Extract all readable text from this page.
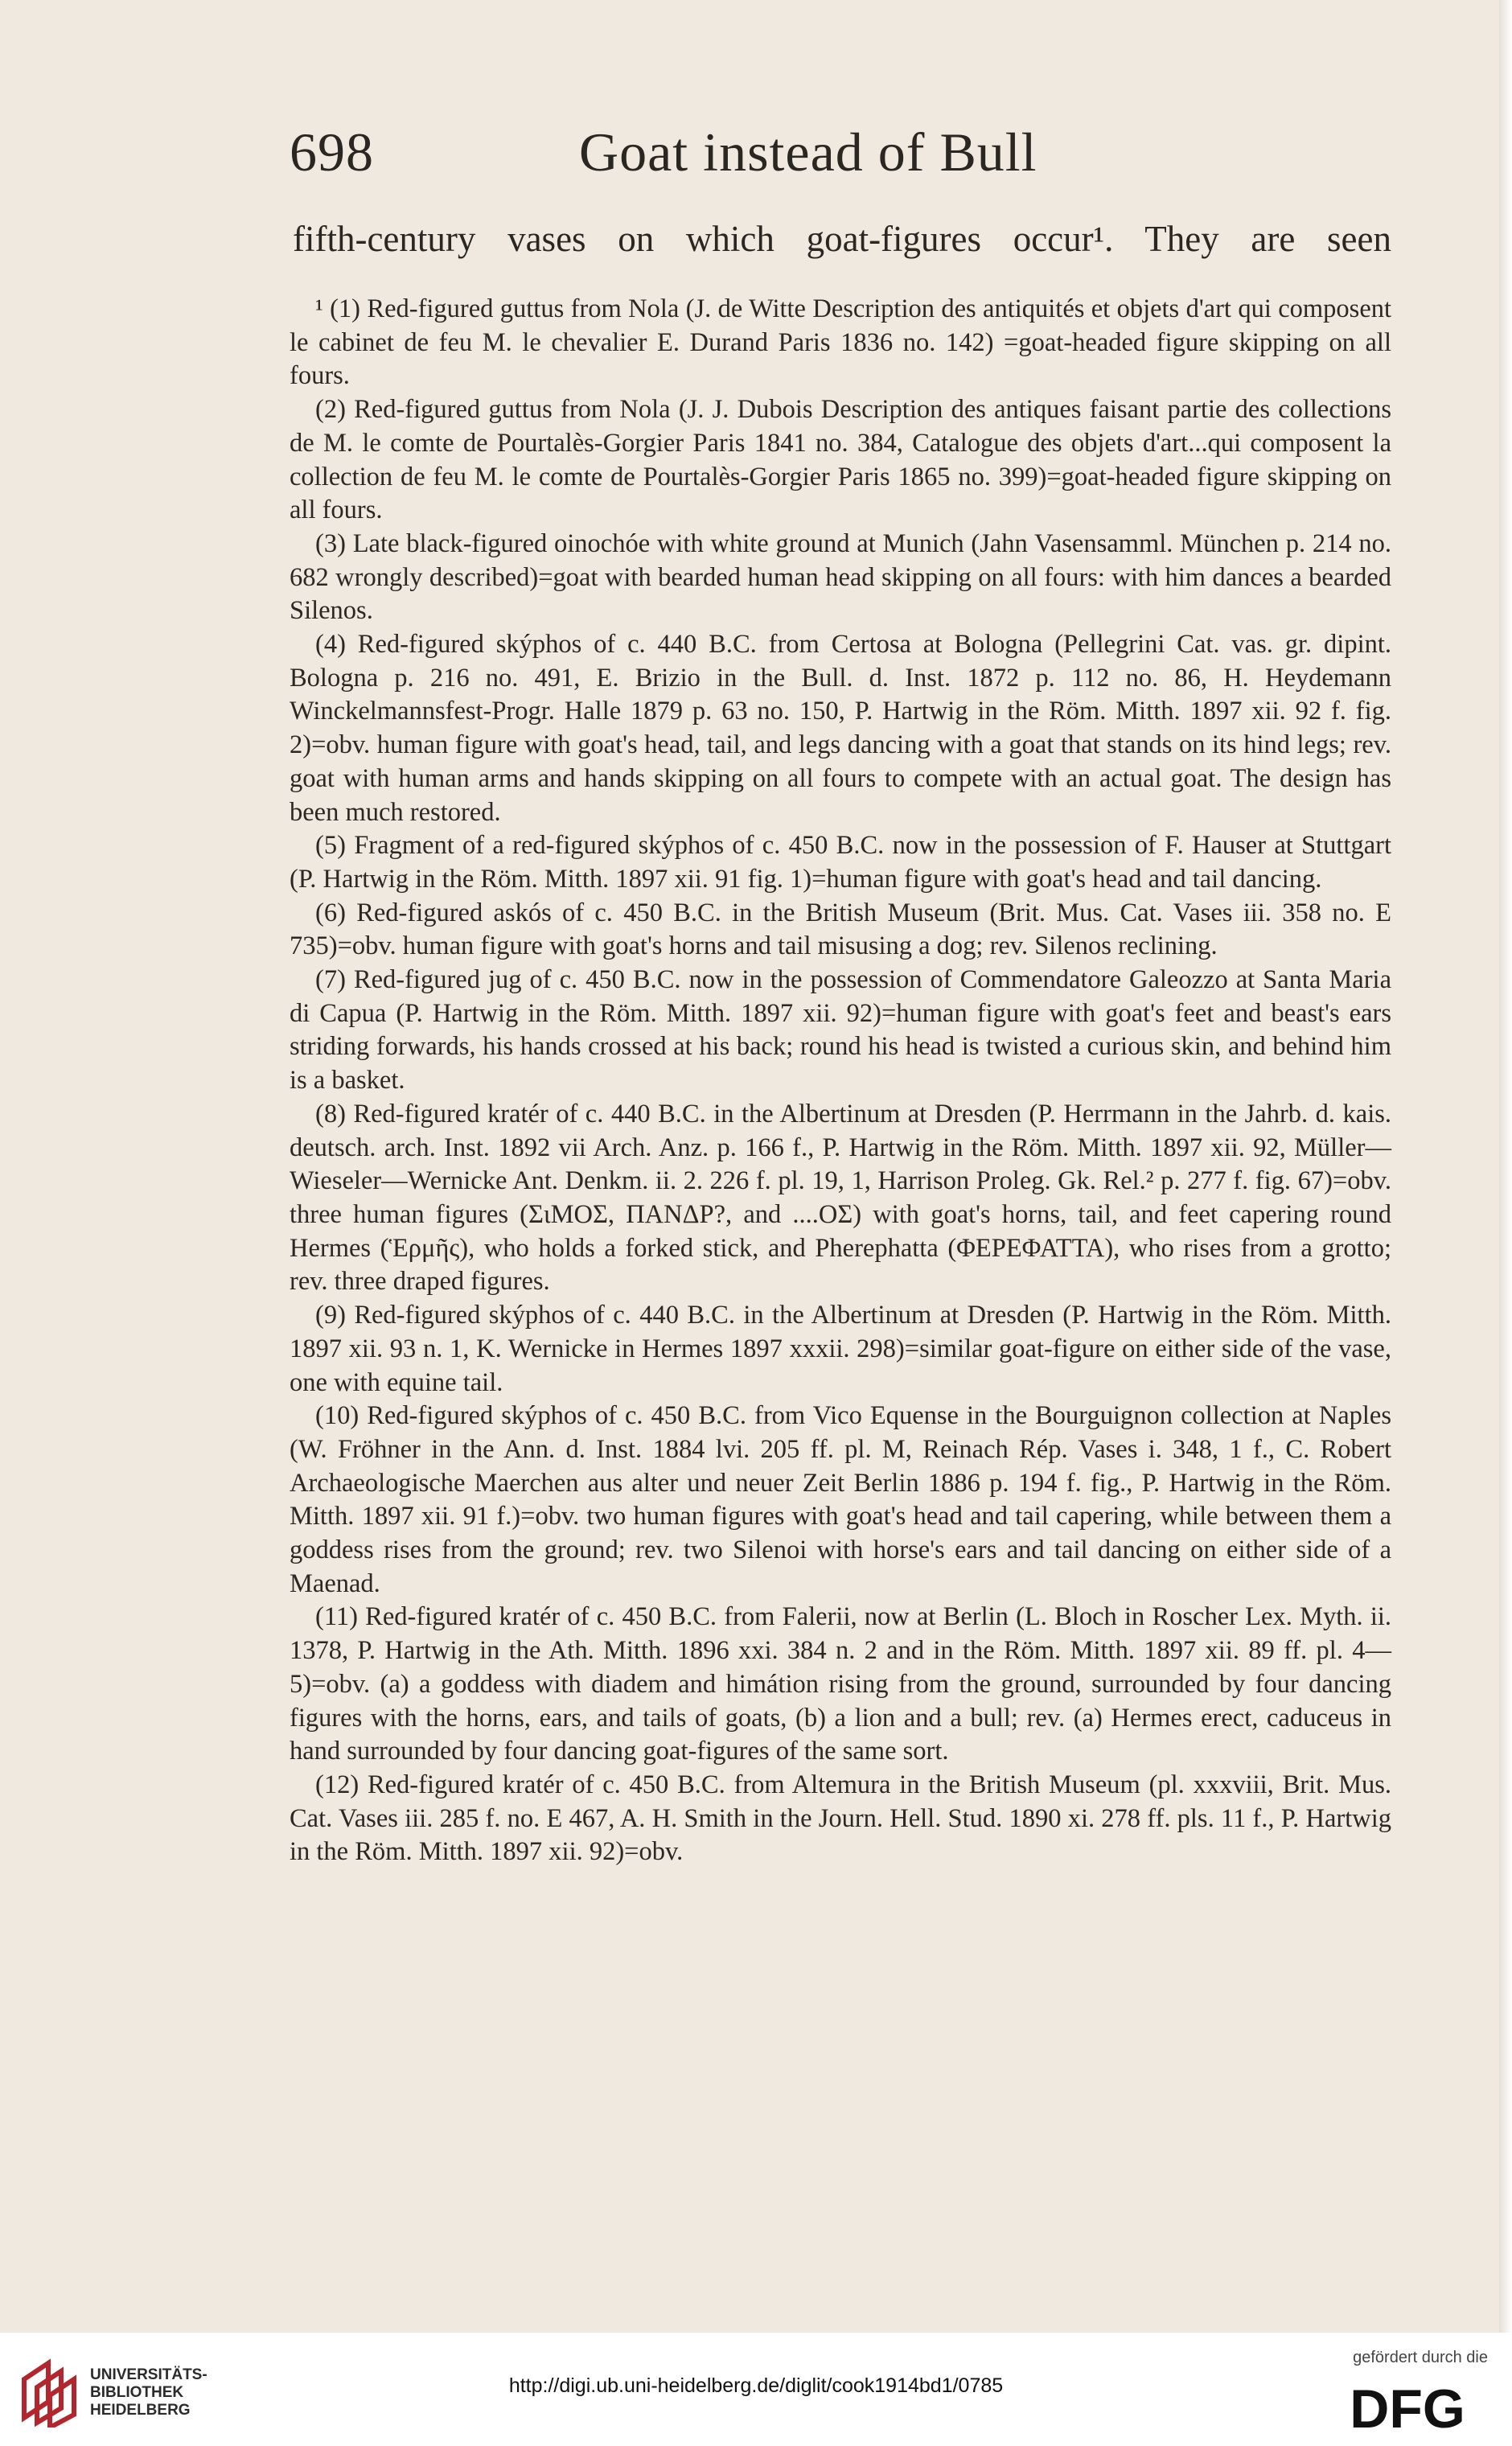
698	Goat instead of Bull
fifth-century vases on which goat-figures occur¹. They are seen

¹ (1) Red-figured guttus from Nola (J. de Witte Description des antiquités et objets d'art qui composent le cabinet de feu M. le chevalier E. Durand Paris 1836 no. 142) =goat-headed figure skipping on all fours.

(2) Red-figured guttus from Nola (J. J. Dubois Description des antiques faisant partie des collections de M. le comte de Pourtalès-Gorgier Paris 1841 no. 384, Catalogue des objets d'art...qui composent la collection de feu M. le comte de Pourtalès-Gorgier Paris 1865 no. 399)=goat-headed figure skipping on all fours.

(3) Late black-figured oinochóe with white ground at Munich (Jahn Vasensamml. München p. 214 no. 682 wrongly described)=goat with bearded human head skipping on all fours: with him dances a bearded Silenos.

(4) Red-figured skýphos of c. 440 B.C. from Certosa at Bologna (Pellegrini Cat. vas. gr. dipint. Bologna p. 216 no. 491, E. Brizio in the Bull. d. Inst. 1872 p. 112 no. 86, H. Heydemann Winckelmannsfest-Progr. Halle 1879 p. 63 no. 150, P. Hartwig in the Röm. Mitth. 1897 xii. 92 f. fig. 2)=obv. human figure with goat's head, tail, and legs dancing with a goat that stands on its hind legs; rev. goat with human arms and hands skipping on all fours to compete with an actual goat. The design has been much restored.

(5) Fragment of a red-figured skýphos of c. 450 B.C. now in the possession of F. Hauser at Stuttgart (P. Hartwig in the Röm. Mitth. 1897 xii. 91 fig. 1)=human figure with goat's head and tail dancing.

(6) Red-figured askós of c. 450 B.C. in the British Museum (Brit. Mus. Cat. Vases iii. 358 no. E 735)=obv. human figure with goat's horns and tail misusing a dog; rev. Silenos reclining.

(7) Red-figured jug of c. 450 B.C. now in the possession of Commendatore Galeozzo at Santa Maria di Capua (P. Hartwig in the Röm. Mitth. 1897 xii. 92)=human figure with goat's feet and beast's ears striding forwards, his hands crossed at his back; round his head is twisted a curious skin, and behind him is a basket.

(8) Red-figured kratér of c. 440 B.C. in the Albertinum at Dresden (P. Herrmann in the Jahrb. d. kais. deutsch. arch. Inst. 1892 vii Arch. Anz. p. 166 f., P. Hartwig in the Röm. Mitth. 1897 xii. 92, Müller—Wieseler—Wernicke Ant. Denkm. ii. 2. 226 f. pl. 19, 1, Harrison Proleg. Gk. Rel.² p. 277 f. fig. 67)=obv. three human figures (ΣιΜΟΣ, ΠΑΝΔΡ?, and ....ΟΣ) with goat's horns, tail, and feet capering round Hermes (Ἑρμῆς), who holds a forked stick, and Pherephatta (ΦΕΡΕΦΑΤΤΑ), who rises from a grotto; rev. three draped figures.

(9) Red-figured skýphos of c. 440 B.C. in the Albertinum at Dresden (P. Hartwig in the Röm. Mitth. 1897 xii. 93 n. 1, K. Wernicke in Hermes 1897 xxxii. 298)=similar goat-figure on either side of the vase, one with equine tail.

(10) Red-figured skýphos of c. 450 B.C. from Vico Equense in the Bourguignon collection at Naples (W. Fröhner in the Ann. d. Inst. 1884 lvi. 205 ff. pl. M, Reinach Rép. Vases i. 348, 1 f., C. Robert Archaeologische Maerchen aus alter und neuer Zeit Berlin 1886 p. 194 f. fig., P. Hartwig in the Röm. Mitth. 1897 xii. 91 f.)=obv. two human figures with goat's head and tail capering, while between them a goddess rises from the ground; rev. two Silenoi with horse's ears and tail dancing on either side of a Maenad.

(11) Red-figured kratér of c. 450 B.C. from Falerii, now at Berlin (L. Bloch in Roscher Lex. Myth. ii. 1378, P. Hartwig in the Ath. Mitth. 1896 xxi. 384 n. 2 and in the Röm. Mitth. 1897 xii. 89 ff. pl. 4—5)=obv. (a) a goddess with diadem and himátion rising from the ground, surrounded by four dancing figures with the horns, ears, and tails of goats, (b) a lion and a bull; rev. (a) Hermes erect, caduceus in hand surrounded by four dancing goat-figures of the same sort.

(12) Red-figured kratér of c. 450 B.C. from Altemura in the British Museum (pl. xxxviii, Brit. Mus. Cat. Vases iii. 285 f. no. E 467, A. H. Smith in the Journ. Hell. Stud. 1890 xi. 278 ff. pls. 11 f., P. Hartwig in the Röm. Mitth. 1897 xii. 92)=obv.

UNIVERSITÄTS-
BIBLIOTHEK
HEIDELBERG
http://digi.ub.uni-heidelberg.de/diglit/cook1914bd1/0785
gefördert durch die
DFG
